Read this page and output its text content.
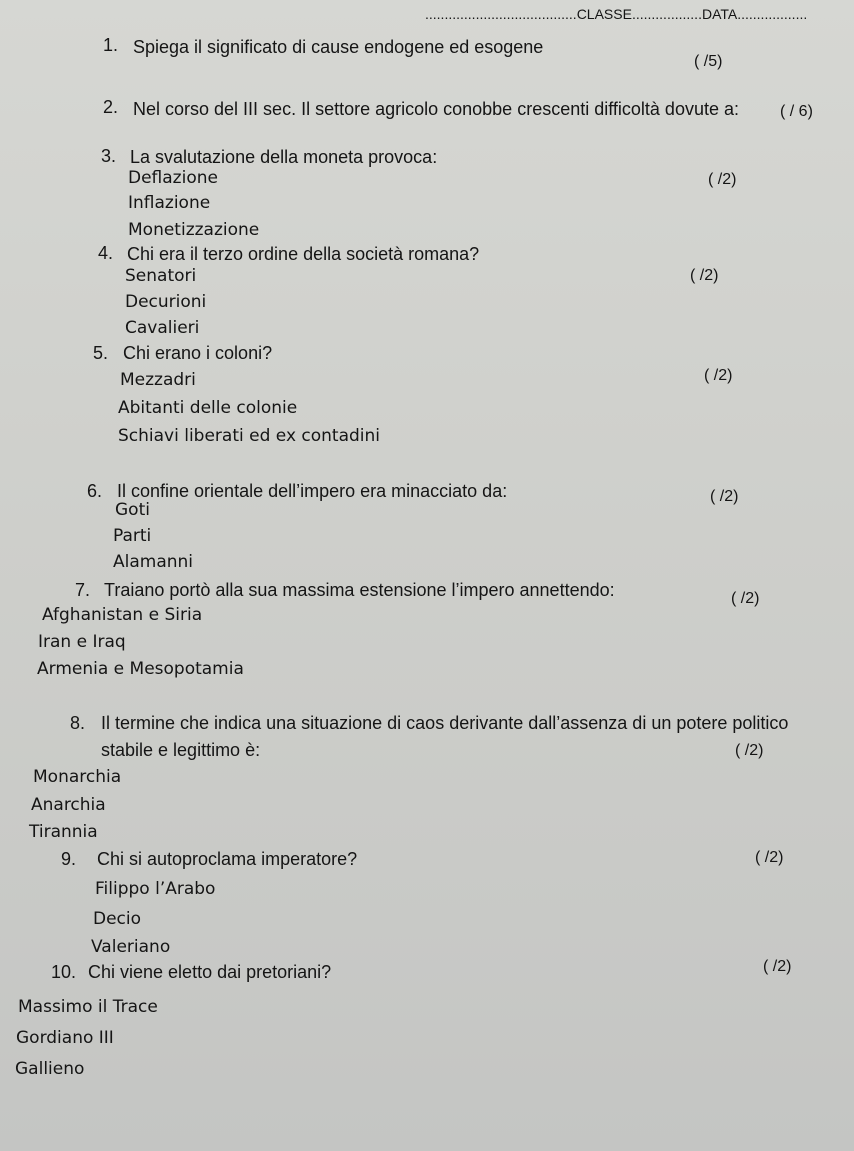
.......................................CLASSE..................DATA..................
1. Spiega il significato di cause endogene ed esogene
( /5)
2. Nel corso del III sec. Il settore agricolo conobbe crescenti difficoltà dovute a:	( / 6)
3. La svalutazione della moneta provoca:
( /2)
Deflazione
Inflazione
Monetizzazione
4. Chi era il terzo ordine della società romana?
( /2)
Senatori
Decurioni
Cavalieri
5. Chi erano i coloni?
( /2)
Mezzadri
Abitanti delle colonie
Schiavi liberati ed ex contadini
6. Il confine orientale dell’impero era minacciato da:	( /2)
Goti
Parti
Alamanni
7. Traiano portò alla sua massima estensione l’impero annettendo:	( /2)
Afghanistan e Siria
Iran e Iraq
Armenia e Mesopotamia
8. Il termine che indica una situazione di caos derivante dall’assenza di un potere politico
stabile e legittimo è:	( /2)
Monarchia
Anarchia
Tirannia
9. Chi si autoproclama imperatore?	( /2)
Filippo l’Arabo
Decio
Valeriano
10. Chi viene eletto dai pretoriani?	( /2)
Massimo il Trace
Gordiano III
Gallieno
